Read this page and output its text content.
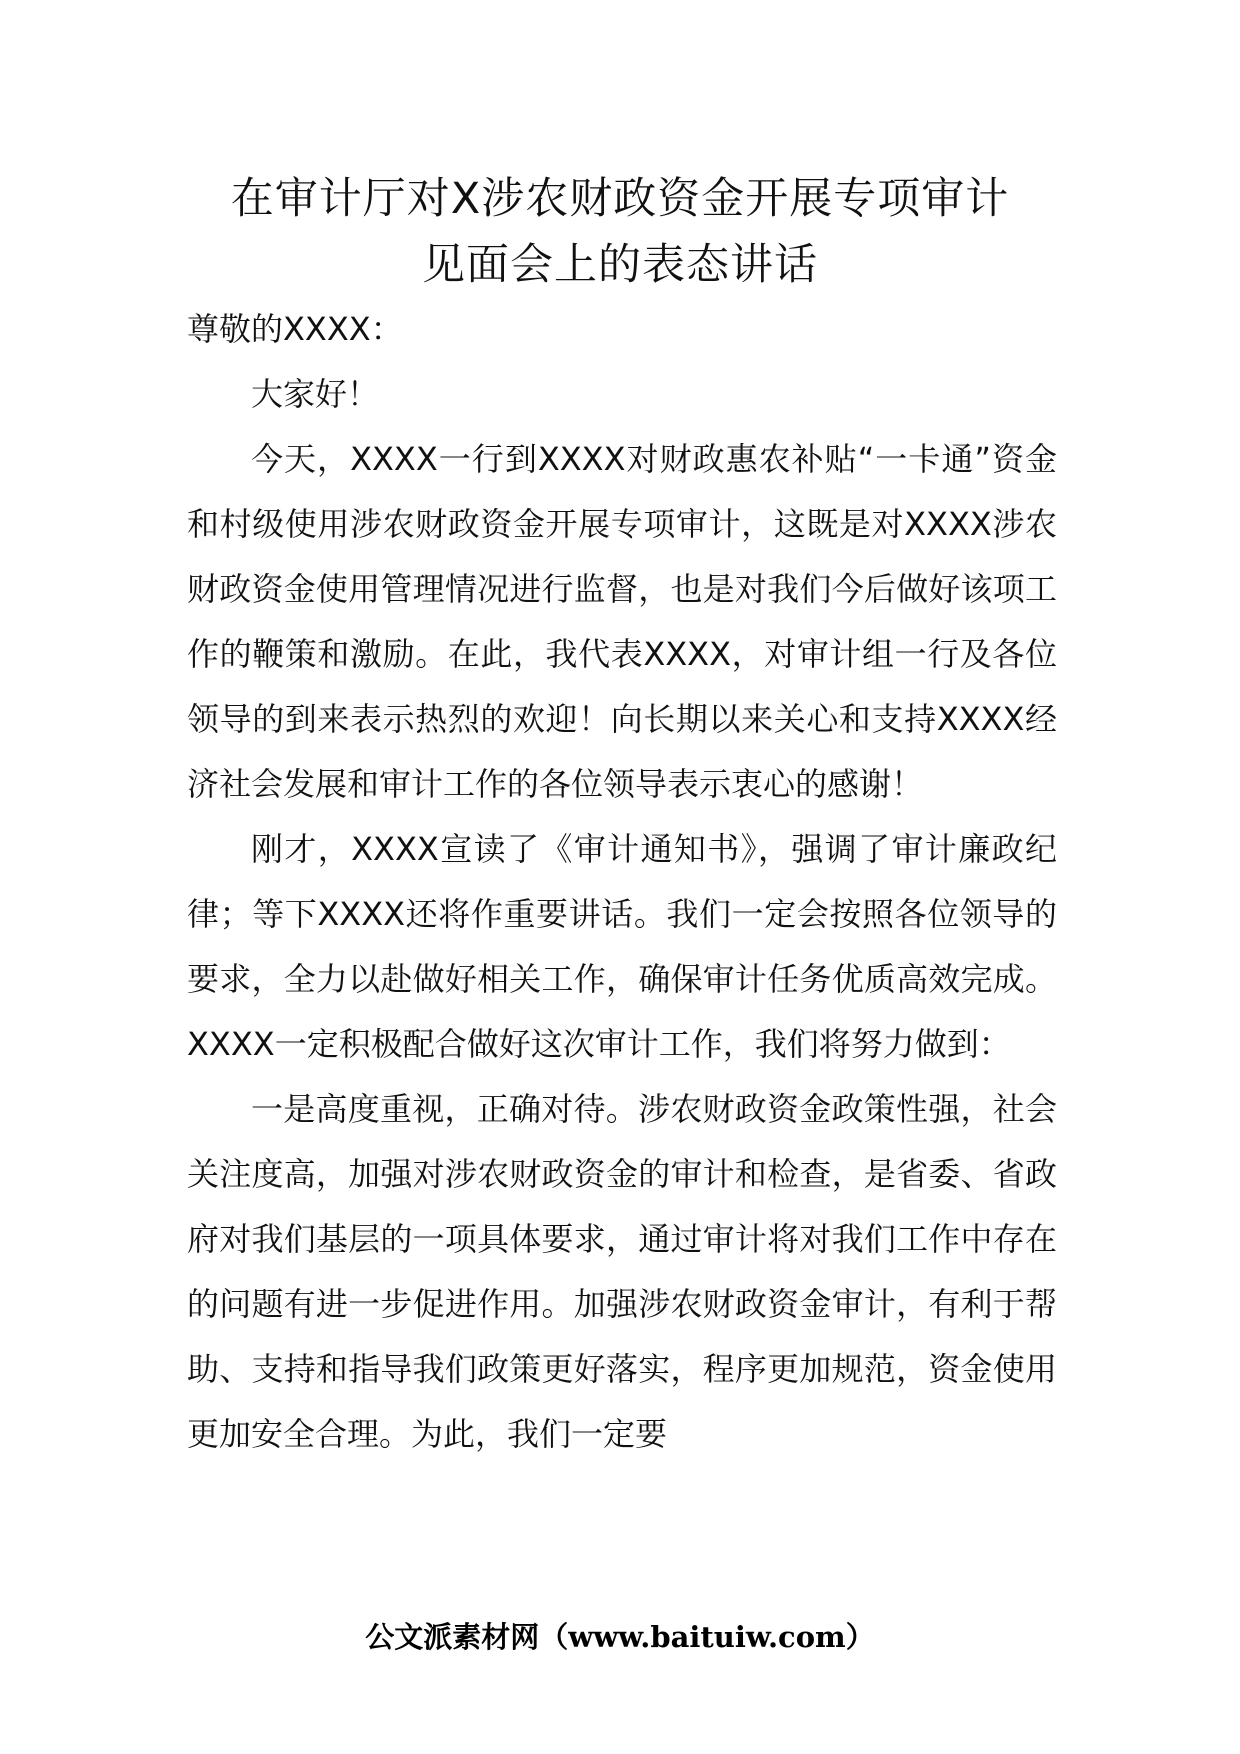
在审计厅对X涉农财政资金开展专项审计
见面会上的表态讲话

尊敬的XXXX：

大家好！

今天，XXXX一行到XXXX对财政惠农补贴“一卡通”资金和村级使用涉农财政资金开展专项审计，这既是对XXXX涉农财政资金使用管理情况进行监督，也是对我们今后做好该项工作的鞭策和激励。在此，我代表XXXX，对审计组一行及各位领导的到来表示热烈的欢迎！向长期以来关心和支持XXXX经济社会发展和审计工作的各位领导表示衷心的感谢！

刚才，XXXX宣读了《审计通知书》，强调了审计廉政纪律；等下XXXX还将作重要讲话。我们一定会按照各位领导的要求，全力以赴做好相关工作，确保审计任务优质高效完成。XXXX一定积极配合做好这次审计工作，我们将努力做到：

一是高度重视，正确对待。涉农财政资金政策性强，社会关注度高，加强对涉农财政资金的审计和检查，是省委、省政府对我们基层的一项具体要求，通过审计将对我们工作中存在的问题有进一步促进作用。加强涉农财政资金审计，有利于帮助、支持和指导我们政策更好落实，程序更加规范，资金使用更加安全合理。为此，我们一定要

公文派素材网（www.baituiw.com）
